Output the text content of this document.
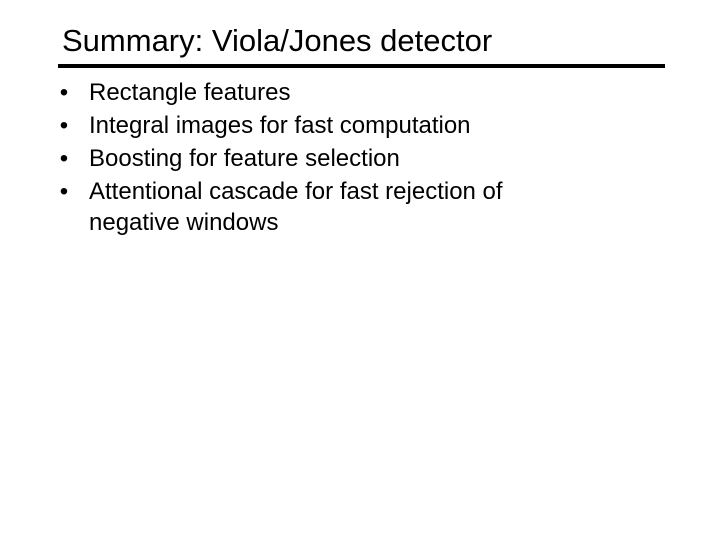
Summary: Viola/Jones detector
• Rectangle features
• Integral images for fast computation
• Boosting for feature selection
• Attentional cascade for fast rejection of negative windows
